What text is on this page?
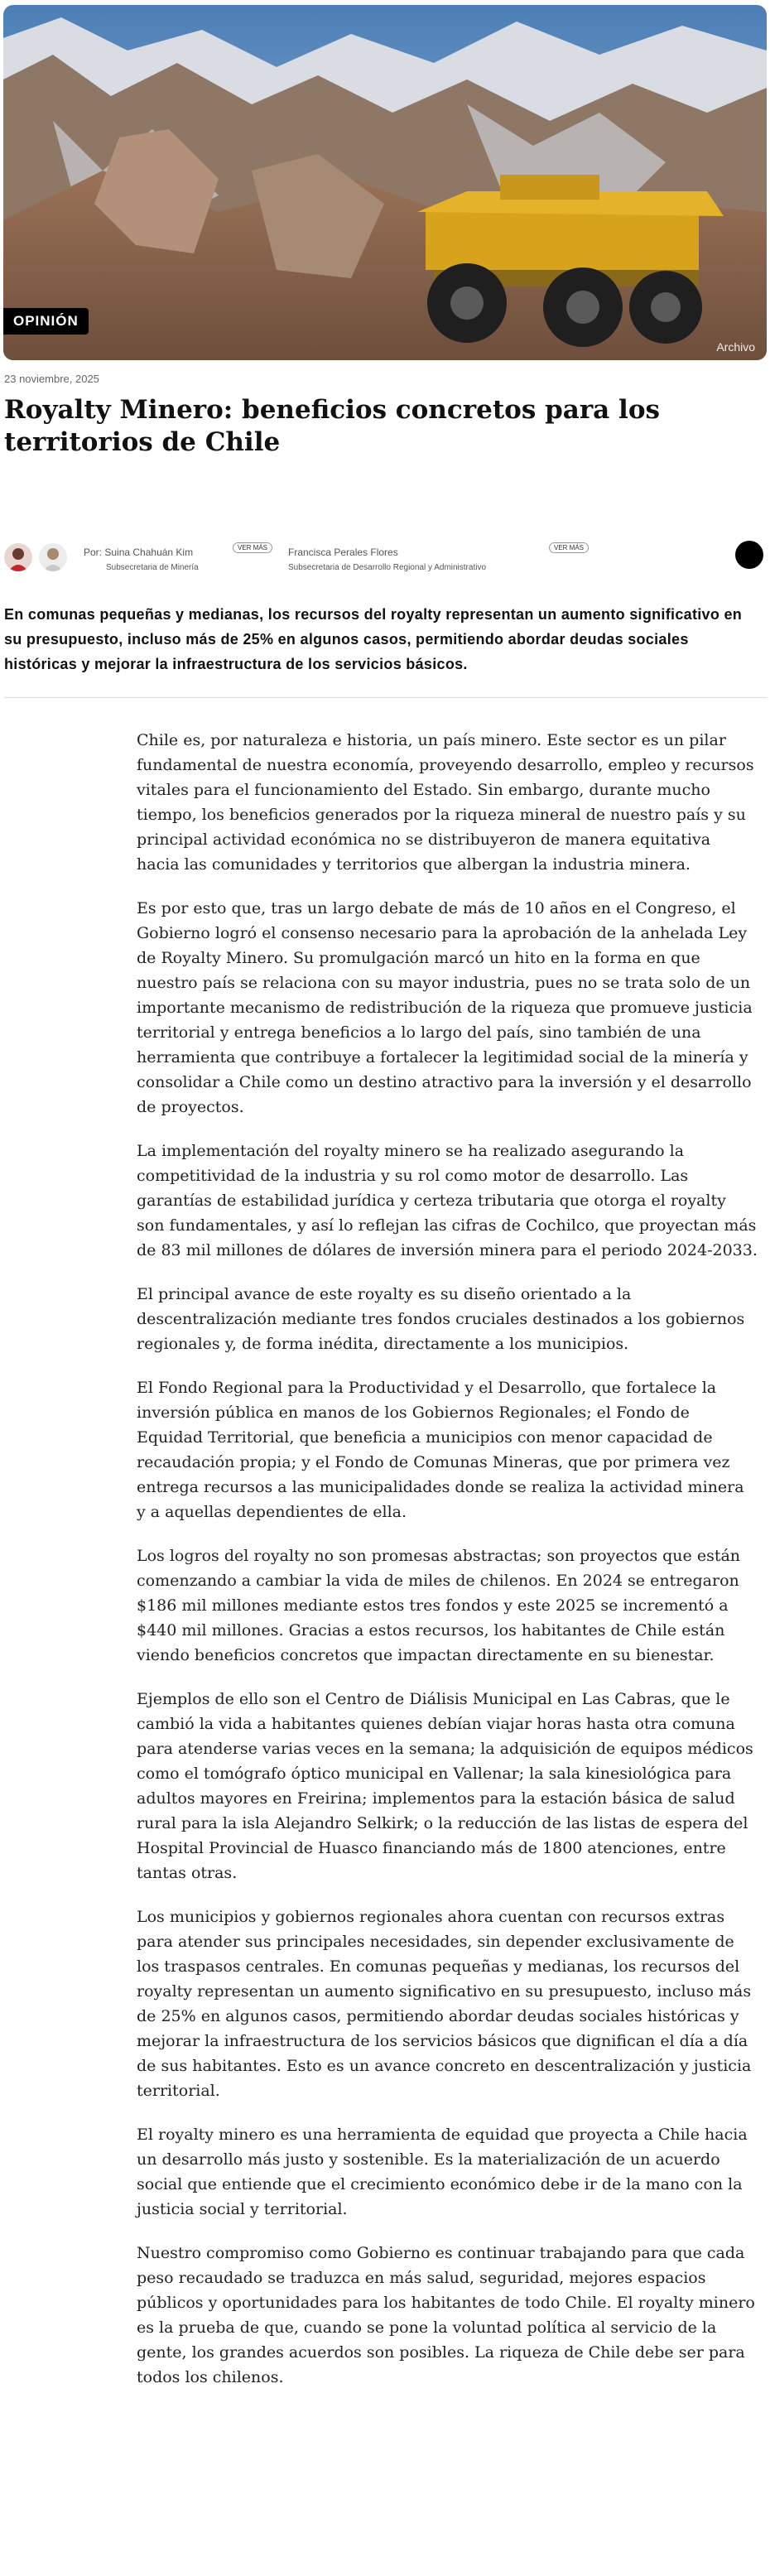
Archivo
OPINIÓN
23 noviembre, 2025
Royalty Minero: beneficios concretos para los territorios de Chile
Por: Suina Chahuán Kim
Subsecretaria de Minería
VER MÁS	Francisca Perales Flores
Subsecretaria de Desarrollo Regional y Administrativo
VER MÁS

En comunas pequeñas y medianas, los recursos del royalty representan un aumento significativo en su presupuesto, incluso más de 25% en algunos casos, permitiendo abordar deudas sociales históricas y mejorar la infraestructura de los servicios básicos.

Chile es, por naturaleza e historia, un país minero. Este sector es un pilar fundamental de nuestra economía, proveyendo desarrollo, empleo y recursos vitales para el funcionamiento del Estado. Sin embargo, durante mucho tiempo, los beneficios generados por la riqueza mineral de nuestro país y su principal actividad económica no se distribuyeron de manera equitativa hacia las comunidades y territorios que albergan la industria minera.

Es por esto que, tras un largo debate de más de 10 años en el Congreso, el Gobierno logró el consenso necesario para la aprobación de la anhelada Ley de Royalty Minero. Su promulgación marcó un hito en la forma en que nuestro país se relaciona con su mayor industria, pues no se trata solo de un importante mecanismo de redistribución de la riqueza que promueve justicia territorial y entrega beneficios a lo largo del país, sino también de una herramienta que contribuye a fortalecer la legitimidad social de la minería y consolidar a Chile como un destino atractivo para la inversión y el desarrollo de proyectos.

La implementación del royalty minero se ha realizado asegurando la competitividad de la industria y su rol como motor de desarrollo. Las garantías de estabilidad jurídica y certeza tributaria que otorga el royalty son fundamentales, y así lo reflejan las cifras de Cochilco, que proyectan más de 83 mil millones de dólares de inversión minera para el periodo 2024-2033.

El principal avance de este royalty es su diseño orientado a la descentralización mediante tres fondos cruciales destinados a los gobiernos regionales y, de forma inédita, directamente a los municipios.

El Fondo Regional para la Productividad y el Desarrollo, que fortalece la inversión pública en manos de los Gobiernos Regionales; el Fondo de Equidad Territorial, que beneficia a municipios con menor capacidad de recaudación propia; y el Fondo de Comunas Mineras, que por primera vez entrega recursos a las municipalidades donde se realiza la actividad minera y a aquellas dependientes de ella.

Los logros del royalty no son promesas abstractas; son proyectos que están comenzando a cambiar la vida de miles de chilenos. En 2024 se entregaron $186 mil millones mediante estos tres fondos y este 2025 se incrementó a $440 mil millones. Gracias a estos recursos, los habitantes de Chile están viendo beneficios concretos que impactan directamente en su bienestar.

Ejemplos de ello son el Centro de Diálisis Municipal en Las Cabras, que le cambió la vida a habitantes quienes debían viajar horas hasta otra comuna para atenderse varias veces en la semana; la adquisición de equipos médicos como el tomógrafo óptico municipal en Vallenar; la sala kinesiológica para adultos mayores en Freirina; implementos para la estación básica de salud rural para la isla Alejandro Selkirk; o la reducción de las listas de espera del Hospital Provincial de Huasco financiando más de 1800 atenciones, entre tantas otras.

Los municipios y gobiernos regionales ahora cuentan con recursos extras para atender sus principales necesidades, sin depender exclusivamente de los traspasos centrales. En comunas pequeñas y medianas, los recursos del royalty representan un aumento significativo en su presupuesto, incluso más de 25% en algunos casos, permitiendo abordar deudas sociales históricas y mejorar la infraestructura de los servicios básicos que dignifican el día a día de sus habitantes. Esto es un avance concreto en descentralización y justicia territorial.

El royalty minero es una herramienta de equidad que proyecta a Chile hacia un desarrollo más justo y sostenible. Es la materialización de un acuerdo social que entiende que el crecimiento económico debe ir de la mano con la justicia social y territorial.

Nuestro compromiso como Gobierno es continuar trabajando para que cada peso recaudado se traduzca en más salud, seguridad, mejores espacios públicos y oportunidades para los habitantes de todo Chile. El royalty minero es la prueba de que, cuando se pone la voluntad política al servicio de la gente, los grandes acuerdos son posibles. La riqueza de Chile debe ser para todos los chilenos.
